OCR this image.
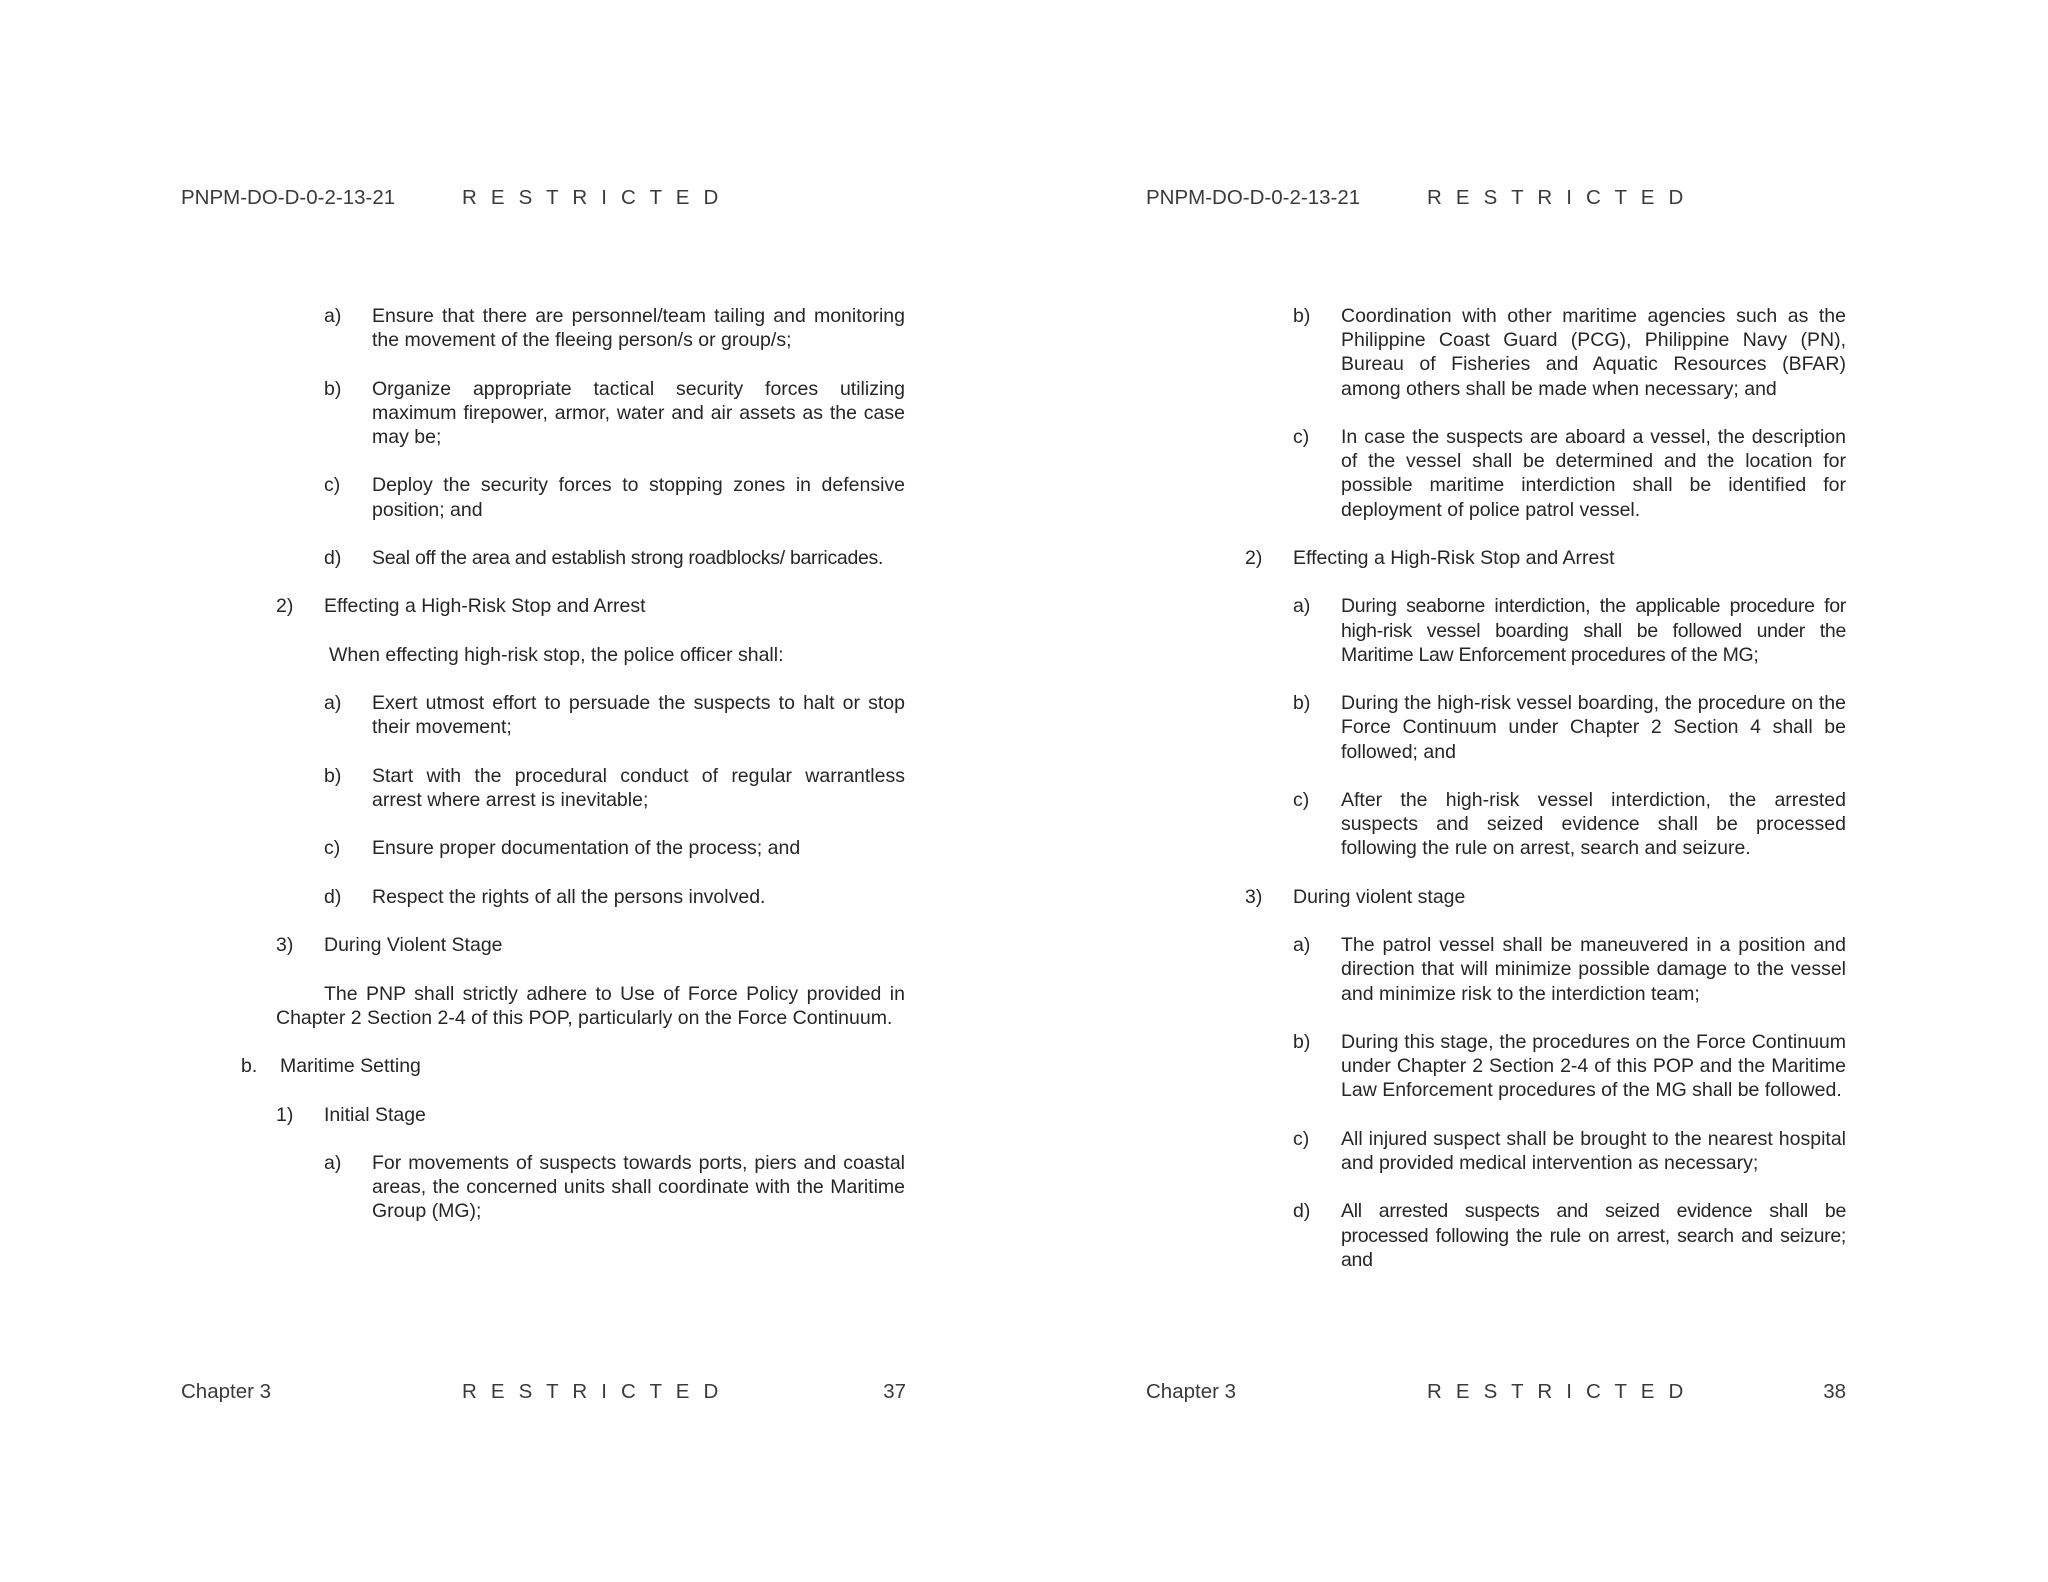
PNPM-DO-D-0-2-13-21	R E S T R I C T E D
a) Ensure that there are personnel/team tailing and monitoring the movement of the fleeing person/s or group/s;
b) Organize appropriate tactical security forces utilizing maximum firepower, armor, water and air assets as the case may be;
c) Deploy the security forces to stopping zones in defensive position; and
d) Seal off the area and establish strong roadblocks/ barricades.
2) Effecting a High-Risk Stop and Arrest
When effecting high-risk stop, the police officer shall:
a) Exert utmost effort to persuade the suspects to halt or stop their movement;
b) Start with the procedural conduct of regular warrantless arrest where arrest is inevitable;
c) Ensure proper documentation of the process; and
d) Respect the rights of all the persons involved.
3) During Violent Stage
The PNP shall strictly adhere to Use of Force Policy provided in Chapter 2 Section 2-4 of this POP, particularly on the Force Continuum.
b. Maritime Setting
1) Initial Stage
a) For movements of suspects towards ports, piers and coastal areas, the concerned units shall coordinate with the Maritime Group (MG);
Chapter 3	R E S T R I C T E D	37
PNPM-DO-D-0-2-13-21	R E S T R I C T E D
b) Coordination with other maritime agencies such as the Philippine Coast Guard (PCG), Philippine Navy (PN), Bureau of Fisheries and Aquatic Resources (BFAR) among others shall be made when necessary; and
c) In case the suspects are aboard a vessel, the description of the vessel shall be determined and the location for possible maritime interdiction shall be identified for deployment of police patrol vessel.
2) Effecting a High-Risk Stop and Arrest
a) During seaborne interdiction, the applicable procedure for high-risk vessel boarding shall be followed under the Maritime Law Enforcement procedures of the MG;
b) During the high-risk vessel boarding, the procedure on the Force Continuum under Chapter 2 Section 4 shall be followed; and
c) After the high-risk vessel interdiction, the arrested suspects and seized evidence shall be processed following the rule on arrest, search and seizure.
3) During violent stage
a) The patrol vessel shall be maneuvered in a position and direction that will minimize possible damage to the vessel and minimize risk to the interdiction team;
b) During this stage, the procedures on the Force Continuum under Chapter 2 Section 2-4 of this POP and the Maritime Law Enforcement procedures of the MG shall be followed.
c) All injured suspect shall be brought to the nearest hospital and provided medical intervention as necessary;
d) All arrested suspects and seized evidence shall be processed following the rule on arrest, search and seizure; and
Chapter 3	R E S T R I C T E D	38
